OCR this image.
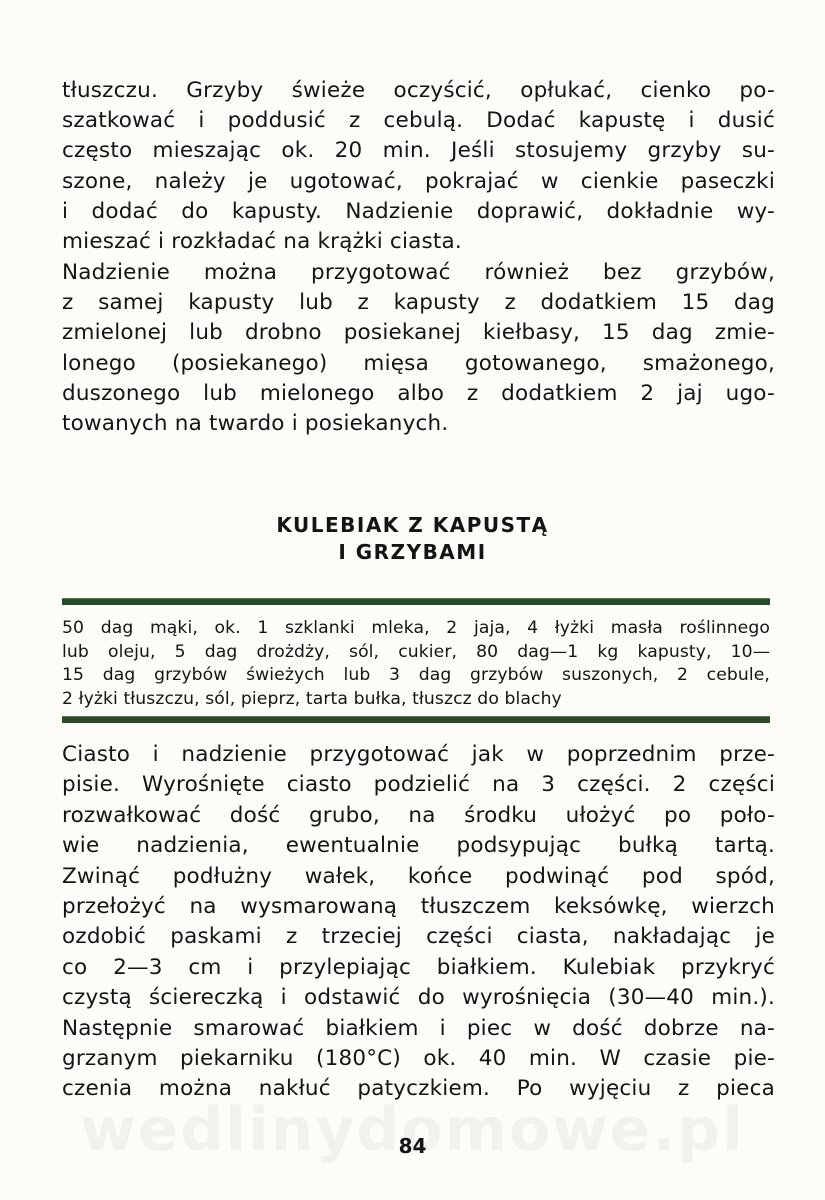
tłuszczu. Grzyby świeże oczyścić, opłukać, cienko po-
szatkować i poddusić z cebulą. Dodać kapustę i dusić
często mieszając ok. 20 min. Jeśli stosujemy grzyby su-
szone, należy je ugotować, pokrajać w cienkie paseczki
i dodać do kapusty. Nadzienie doprawić, dokładnie wy-
mieszać i rozkładać na krążki ciasta.
Nadzienie można przygotować również bez grzybów,
z samej kapusty lub z kapusty z dodatkiem 15 dag
zmielonej lub drobno posiekanej kiełbasy, 15 dag zmie-
lonego (posiekanego) mięsa gotowanego, smażonego,
duszonego lub mielonego albo z dodatkiem 2 jaj ugo-
towanych na twardo i posiekanych.
KULEBIAK Z KAPUSTĄ
I GRZYBAMI
50 dag mąki, ok. 1 szklanki mleka, 2 jaja, 4 łyżki masła roślinnego
lub oleju, 5 dag drożdży, sól, cukier, 80 dag—1 kg kapusty, 10—
15 dag grzybów świeżych lub 3 dag grzybów suszonych, 2 cebule,
2 łyżki tłuszczu, sól, pieprz, tarta bułka, tłuszcz do blachy
Ciasto i nadzienie przygotować jak w poprzednim prze-
pisie. Wyrośnięte ciasto podzielić na 3 części. 2 części
rozwałkować dość grubo, na środku ułożyć po poło-
wie nadzienia, ewentualnie podsypując bułką tartą.
Zwinąć podłużny wałek, końce podwinąć pod spód,
przełożyć na wysmarowaną tłuszczem keksówkę, wierzch
ozdobić paskami z trzeciej części ciasta, nakładając je
co 2—3 cm i przylepiając białkiem. Kulebiak przykryć
czystą ściereczką i odstawić do wyrośnięcia (30—40 min.).
Następnie smarować białkiem i piec w dość dobrze na-
grzanym piekarniku (180°C) ok. 40 min. W czasie pie-
czenia można nakłuć patyczkiem. Po wyjęciu z pieca
84
